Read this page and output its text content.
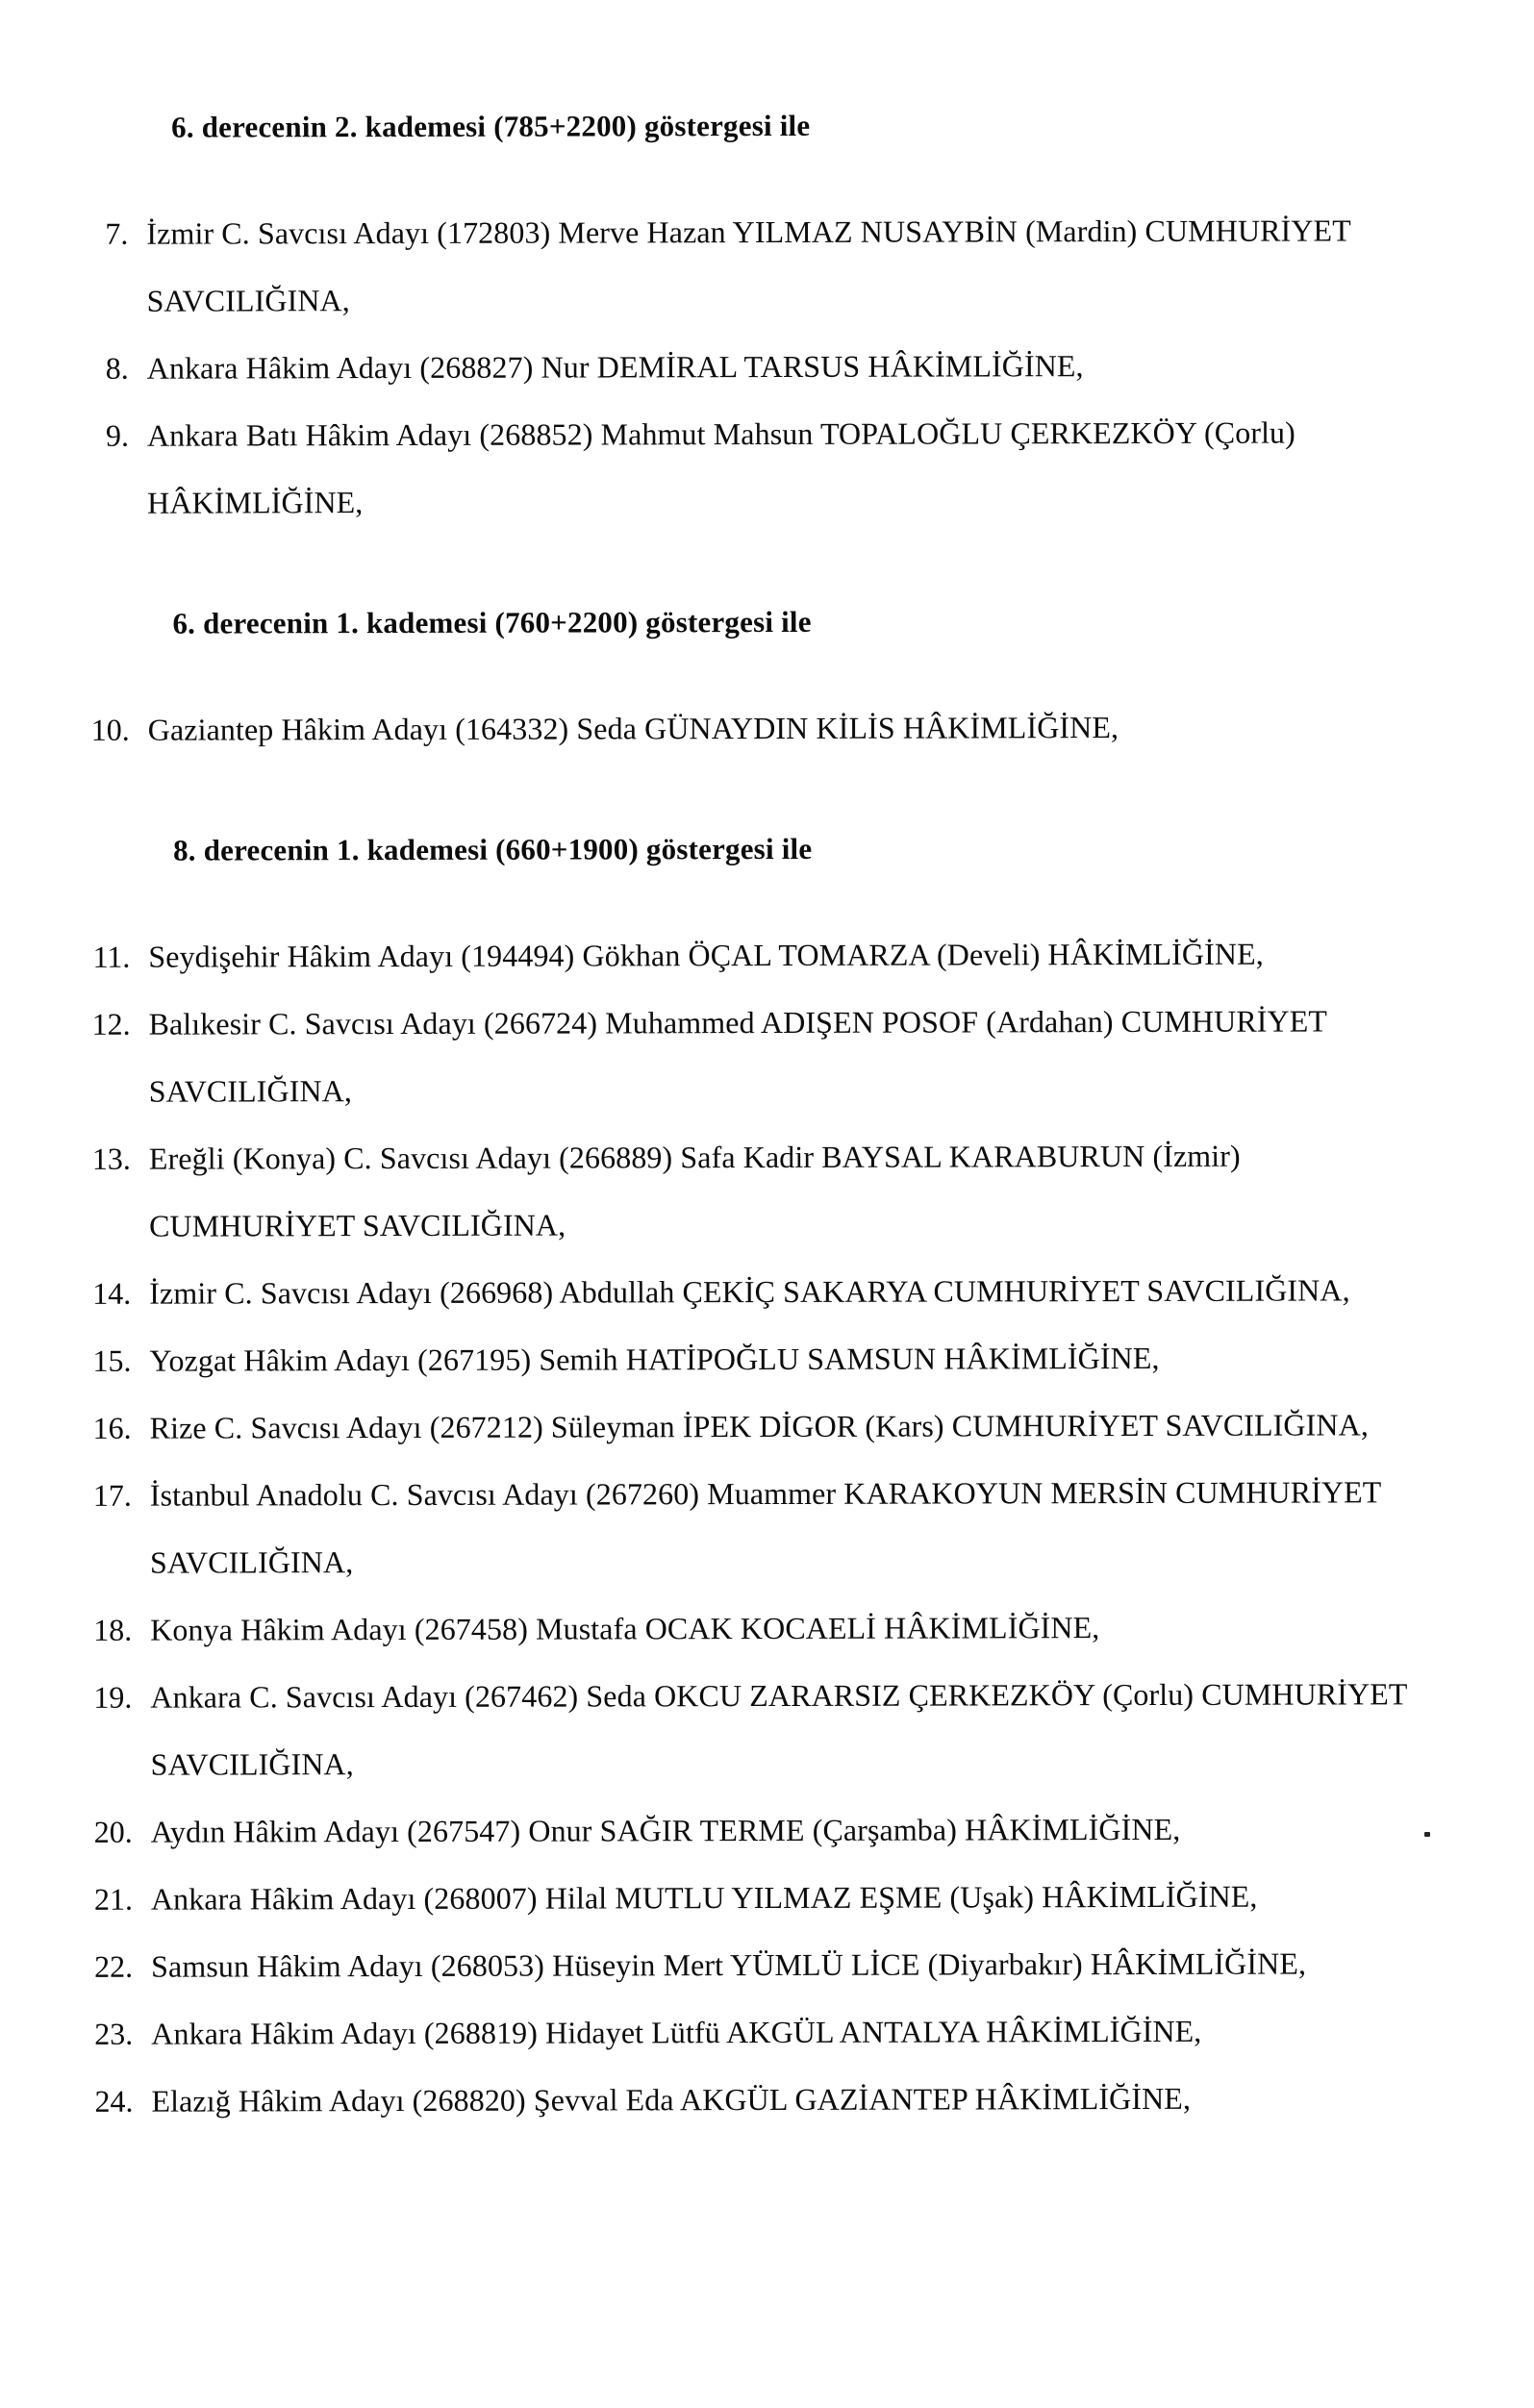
6. derecenin 2. kademesi (785+2200) göstergesi ile
7. İzmir C. Savcısı Adayı (172803) Merve Hazan YILMAZ NUSAYBİN (Mardin) CUMHURİYET
SAVCILIĞINA,
8. Ankara Hâkim Adayı (268827) Nur DEMİRAL TARSUS HÂKİMLİĞİNE,
9. Ankara Batı Hâkim Adayı (268852) Mahmut Mahsun TOPALOĞLU ÇERKEZKÖY (Çorlu)
HÂKİMLİĞİNE,
6. derecenin 1. kademesi (760+2200) göstergesi ile
10. Gaziantep Hâkim Adayı (164332) Seda GÜNAYDIN KİLİS HÂKİMLİĞİNE,
8. derecenin 1. kademesi (660+1900) göstergesi ile
11. Seydişehir Hâkim Adayı (194494) Gökhan ÖÇAL TOMARZA (Develi) HÂKİMLİĞİNE,
12. Balıkesir C. Savcısı Adayı (266724) Muhammed ADIŞEN POSOF (Ardahan) CUMHURİYET
SAVCILIĞINA,
13. Ereğli (Konya) C. Savcısı Adayı (266889) Safa Kadir BAYSAL KARABURUN (İzmir)
CUMHURİYET SAVCILIĞINA,
14. İzmir C. Savcısı Adayı (266968) Abdullah ÇEKİÇ SAKARYA CUMHURİYET SAVCILIĞINA,
15. Yozgat Hâkim Adayı (267195) Semih HATİPOĞLU SAMSUN HÂKİMLİĞİNE,
16. Rize C. Savcısı Adayı (267212) Süleyman İPEK DİGOR (Kars) CUMHURİYET SAVCILIĞINA,
17. İstanbul Anadolu C. Savcısı Adayı (267260) Muammer KARAKOYUN MERSİN CUMHURİYET
SAVCILIĞINA,
18. Konya Hâkim Adayı (267458) Mustafa OCAK KOCAELİ HÂKİMLİĞİNE,
19. Ankara C. Savcısı Adayı (267462) Seda OKCU ZARARSIZ ÇERKEZKÖY (Çorlu) CUMHURİYET
SAVCILIĞINA,
20. Aydın Hâkim Adayı (267547) Onur SAĞIR TERME (Çarşamba) HÂKİMLİĞİNE,
21. Ankara Hâkim Adayı (268007) Hilal MUTLU YILMAZ EŞME (Uşak) HÂKİMLİĞİNE,
22. Samsun Hâkim Adayı (268053) Hüseyin Mert YÜMLÜ LİCE (Diyarbakır) HÂKİMLİĞİNE,
23. Ankara Hâkim Adayı (268819) Hidayet Lütfü AKGÜL ANTALYA HÂKİMLİĞİNE,
24. Elazığ Hâkim Adayı (268820) Şevval Eda AKGÜL GAZİANTEP HÂKİMLİĞİNE,
